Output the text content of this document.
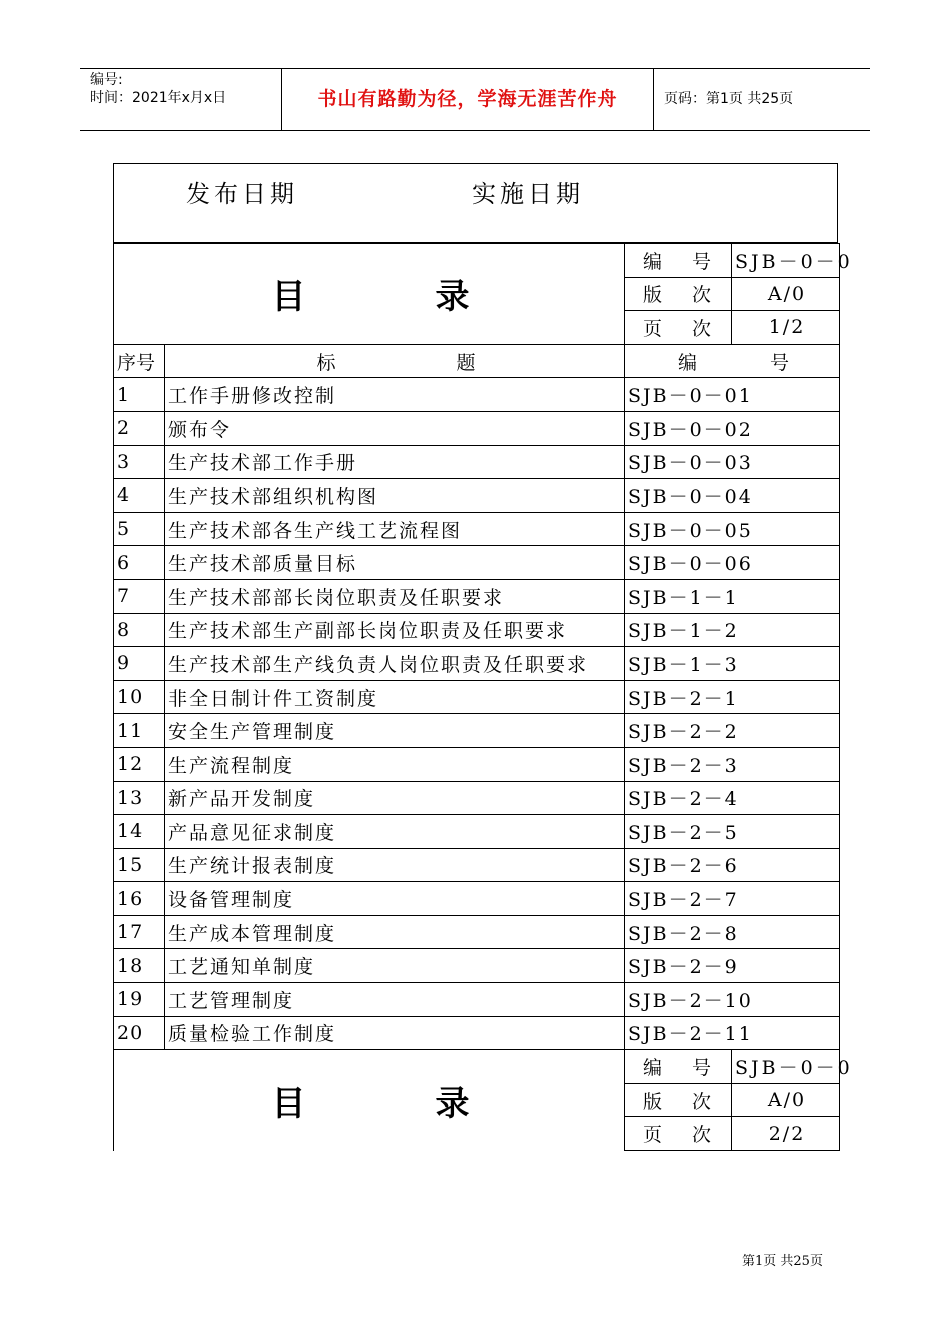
编号:
时间：2021年x月x日	书山有路勤为径，学海无涯苦作舟	页码：第1页 共25页
发布日期	实施日期
目 录		编 号	SJB－0－0
		版 次	A/0
		页 次	1/2
序号	标 题	编 号	
1	工作手册修改控制	SJB－0－01	
2	颁布令	SJB－0－02	
3	生产技术部工作手册	SJB－0－03	
4	生产技术部组织机构图	SJB－0－04	
5	生产技术部各生产线工艺流程图	SJB－0－05	
6	生产技术部质量目标	SJB－0－06	
7	生产技术部部长岗位职责及任职要求	SJB－1－1	
8	生产技术部生产副部长岗位职责及任职要求	SJB－1－2	
9	生产技术部生产线负责人岗位职责及任职要求	SJB－1－3	
10	非全日制计件工资制度	SJB－2－1	
11	安全生产管理制度	SJB－2－2	
12	生产流程制度	SJB－2－3	
13	新产品开发制度	SJB－2－4	
14	产品意见征求制度	SJB－2－5	
15	生产统计报表制度	SJB－2－6	
16	设备管理制度	SJB－2－7	
17	生产成本管理制度	SJB－2－8	
18	工艺通知单制度	SJB－2－9	
19	工艺管理制度	SJB－2－10	
20	质量检验工作制度	SJB－2－11	
目 录		编 号	SJB－0－0
		版 次	A/0
		页 次	2/2
第1页 共25页
